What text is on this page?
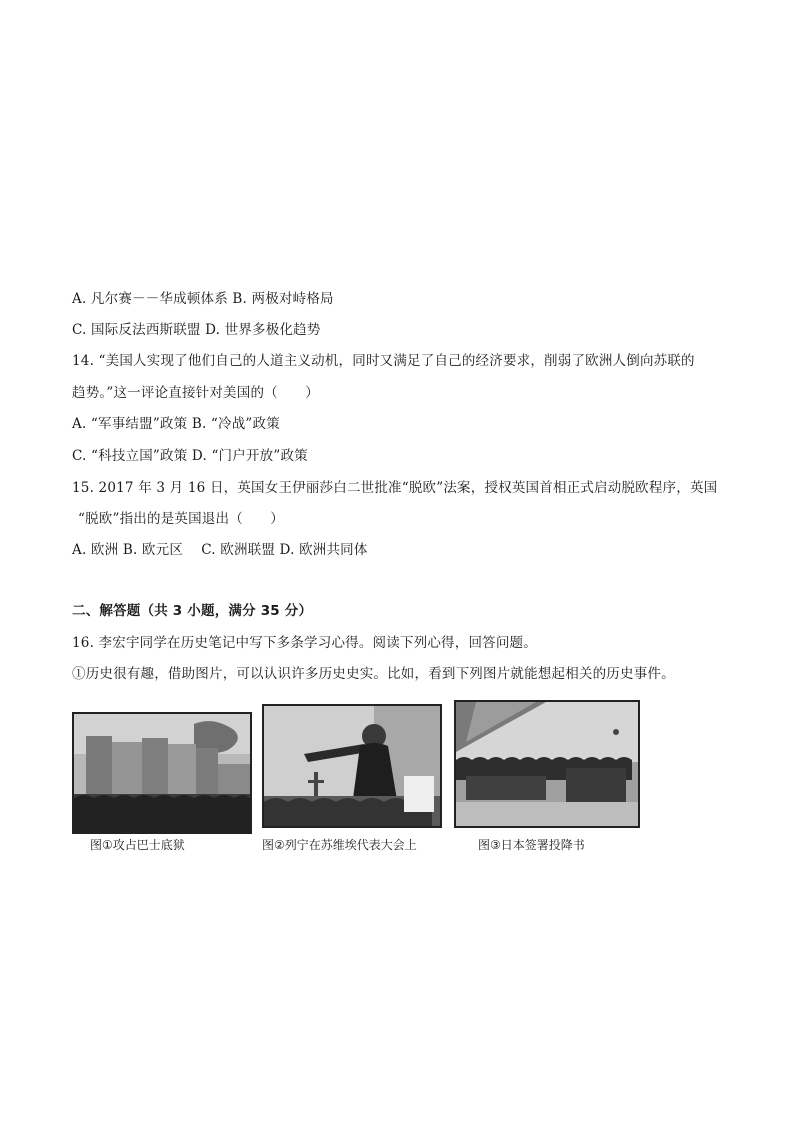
A. 凡尔赛－－华成顿体系 B. 两极对峙格局
C. 国际反法西斯联盟 D. 世界多极化趋势
14. “美国人实现了他们自己的人道主义动机，同时又满足了自己的经济要求，削弱了欧洲人倒向苏联的
趋势。”这一评论直接针对美国的（　　）
A. “军事结盟”政策 B. “冷战”政策
C. “科技立国”政策 D. “门户开放”政策
15. 2017 年 3 月 16 日，英国女王伊丽莎白二世批准“脱欧”法案，授权英国首相正式启动脱欧程序，英国
“脱欧”指出的是英国退出（　　）
A. 欧洲 B. 欧元区　 C. 欧洲联盟 D. 欧洲共同体
二、解答题（共 3 小题，满分 35 分）
16. 李宏宇同学在历史笔记中写下多条学习心得。阅读下列心得，回答问题。
①历史很有趣，借助图片，可以认识许多历史史实。比如，看到下列图片就能想起相关的历史事件。
图①攻占巴士底狱	图②列宁在苏维埃代表大会上	图③日本签署投降书
